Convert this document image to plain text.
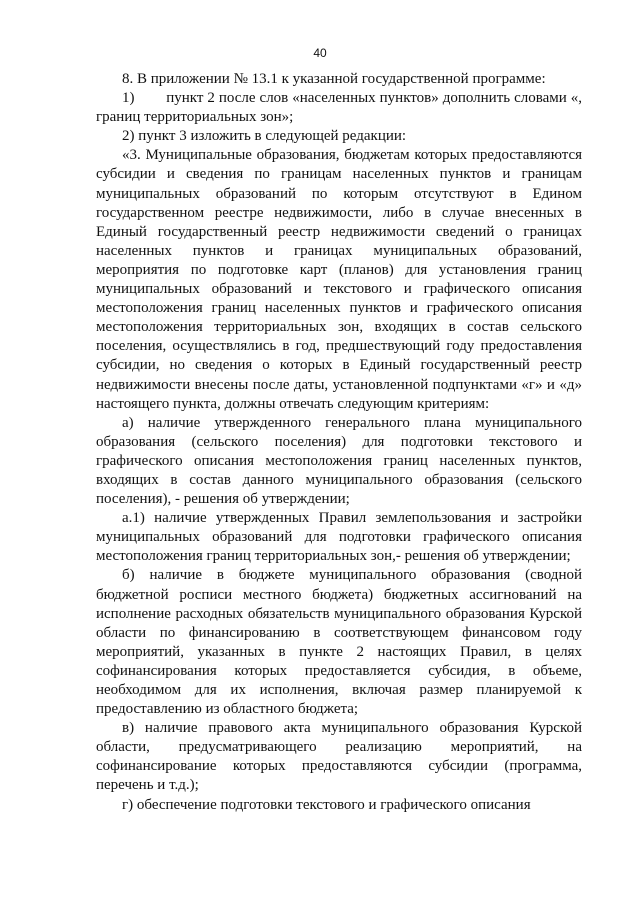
40

8. В приложении № 13.1 к указанной государственной программе:

1)        пункт 2 после слов «населенных пунктов» дополнить словами «, границ территориальных зон»;

2) пункт 3 изложить в следующей редакции:

«3. Муниципальные образования, бюджетам которых предоставляются субсидии и сведения по границам населенных пунктов и границам муниципальных образований по которым отсутствуют в Едином государственном реестре недвижимости, либо в случае внесенных в Единый государственный реестр недвижимости сведений о границах населенных пунктов и границах муниципальных образований, мероприятия по подготовке карт (планов) для установления границ муниципальных образований и текстового и графического описания местоположения границ населенных пунктов и графического описания местоположения территориальных зон, входящих в состав сельского поселения, осуществлялись в год, предшествующий году предоставления субсидии, но сведения о которых в Единый государственный реестр недвижимости внесены после даты, установленной подпунктами «г» и «д» настоящего пункта, должны отвечать следующим критериям:

а) наличие утвержденного генерального плана муниципального образования (сельского поселения) для подготовки текстового и графического описания местоположения границ населенных пунктов, входящих в состав данного муниципального образования (сельского поселения), - решения об утверждении;

а.1) наличие утвержденных Правил землепользования и застройки муниципальных образований для подготовки графического описания местоположения границ территориальных зон,- решения об утверждении;

б) наличие в бюджете муниципального образования (сводной бюджетной росписи местного бюджета) бюджетных ассигнований на исполнение расходных обязательств муниципального образования Курской области по финансированию в соответствующем финансовом году мероприятий, указанных в пункте 2 настоящих Правил, в целях софинансирования которых предоставляется субсидия, в объеме, необходимом для их исполнения, включая размер планируемой к предоставлению из областного бюджета;

в) наличие правового акта муниципального образования Курской области, предусматривающего реализацию мероприятий, на софинансирование которых предоставляются субсидии (программа, перечень и т.д.);

г) обеспечение подготовки текстового и графического описания
